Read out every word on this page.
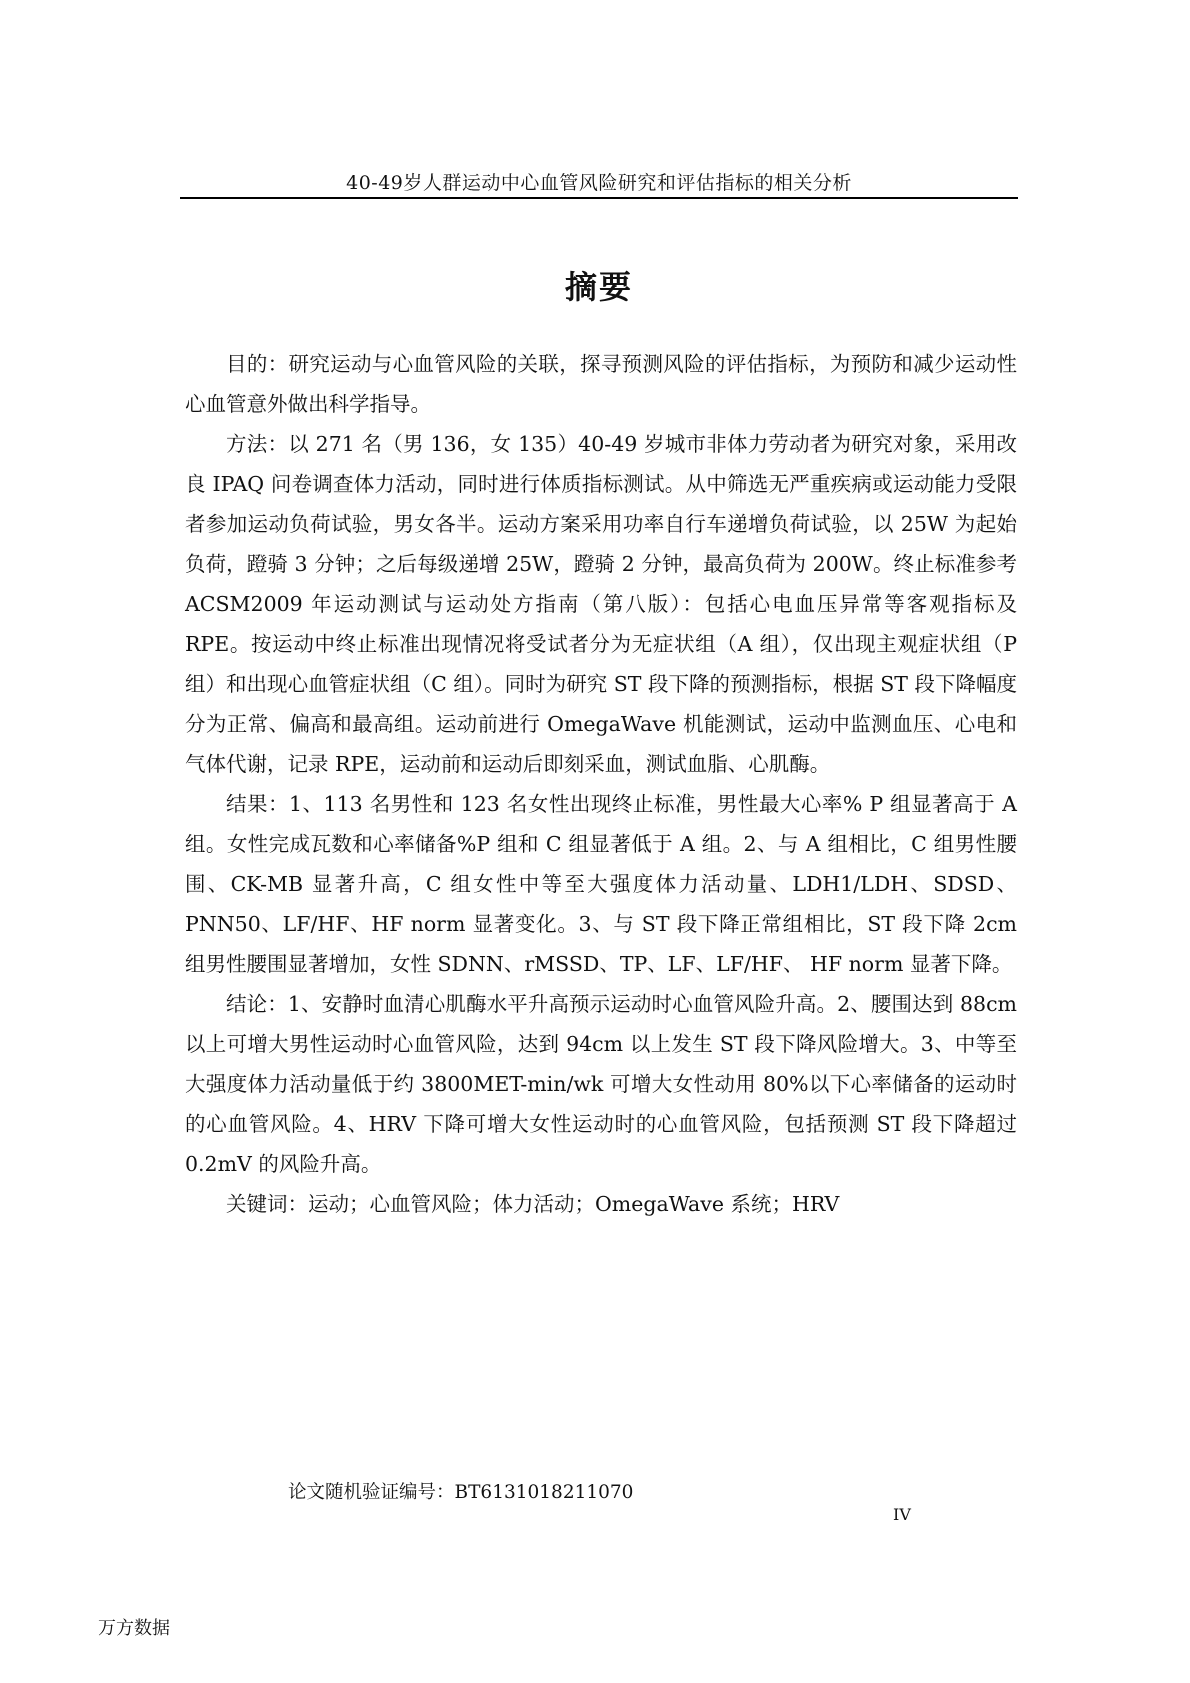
40-49岁人群运动中心血管风险研究和评估指标的相关分析
摘要

目的：研究运动与心血管风险的关联，探寻预测风险的评估指标，为预防和减少运动性心血管意外做出科学指导。

方法：以 271 名（男 136，女 135）40-49 岁城市非体力劳动者为研究对象，采用改良 IPAQ 问卷调查体力活动，同时进行体质指标测试。从中筛选无严重疾病或运动能力受限者参加运动负荷试验，男女各半。运动方案采用功率自行车递增负荷试验，以 25W 为起始负荷，蹬骑 3 分钟；之后每级递增 25W，蹬骑 2 分钟，最高负荷为 200W。终止标准参考 ACSM2009 年运动测试与运动处方指南（第八版）：包括心电血压异常等客观指标及 RPE。按运动中终止标准出现情况将受试者分为无症状组（A 组），仅出现主观症状组（P 组）和出现心血管症状组（C 组）。同时为研究 ST 段下降的预测指标，根据 ST 段下降幅度分为正常、偏高和最高组。运动前进行 OmegaWave 机能测试，运动中监测血压、心电和气体代谢，记录 RPE，运动前和运动后即刻采血，测试血脂、心肌酶。

结果：1、113 名男性和 123 名女性出现终止标准，男性最大心率% P 组显著高于 A 组。女性完成瓦数和心率储备%P 组和 C 组显著低于 A 组。2、与 A 组相比，C 组男性腰围、CK-MB 显著升高，C 组女性中等至大强度体力活动量、LDH1/LDH、SDSD、PNN50、LF/HF、HF norm 显著变化。3、与 ST 段下降正常组相比，ST 段下降 2cm 组男性腰围显著增加，女性 SDNN、rMSSD、TP、LF、LF/HF、 HF norm 显著下降。

结论：1、安静时血清心肌酶水平升高预示运动时心血管风险升高。2、腰围达到 88cm 以上可增大男性运动时心血管风险，达到 94cm 以上发生 ST 段下降风险增大。3、中等至大强度体力活动量低于约 3800MET-min/wk 可增大女性动用 80%以下心率储备的运动时的心血管风险。4、HRV 下降可增大女性运动时的心血管风险，包括预测 ST 段下降超过 0.2mV 的风险升高。

关键词：运动；心血管风险；体力活动；OmegaWave 系统；HRV

论文随机验证编号：BT6131018211070
IV
万方数据
